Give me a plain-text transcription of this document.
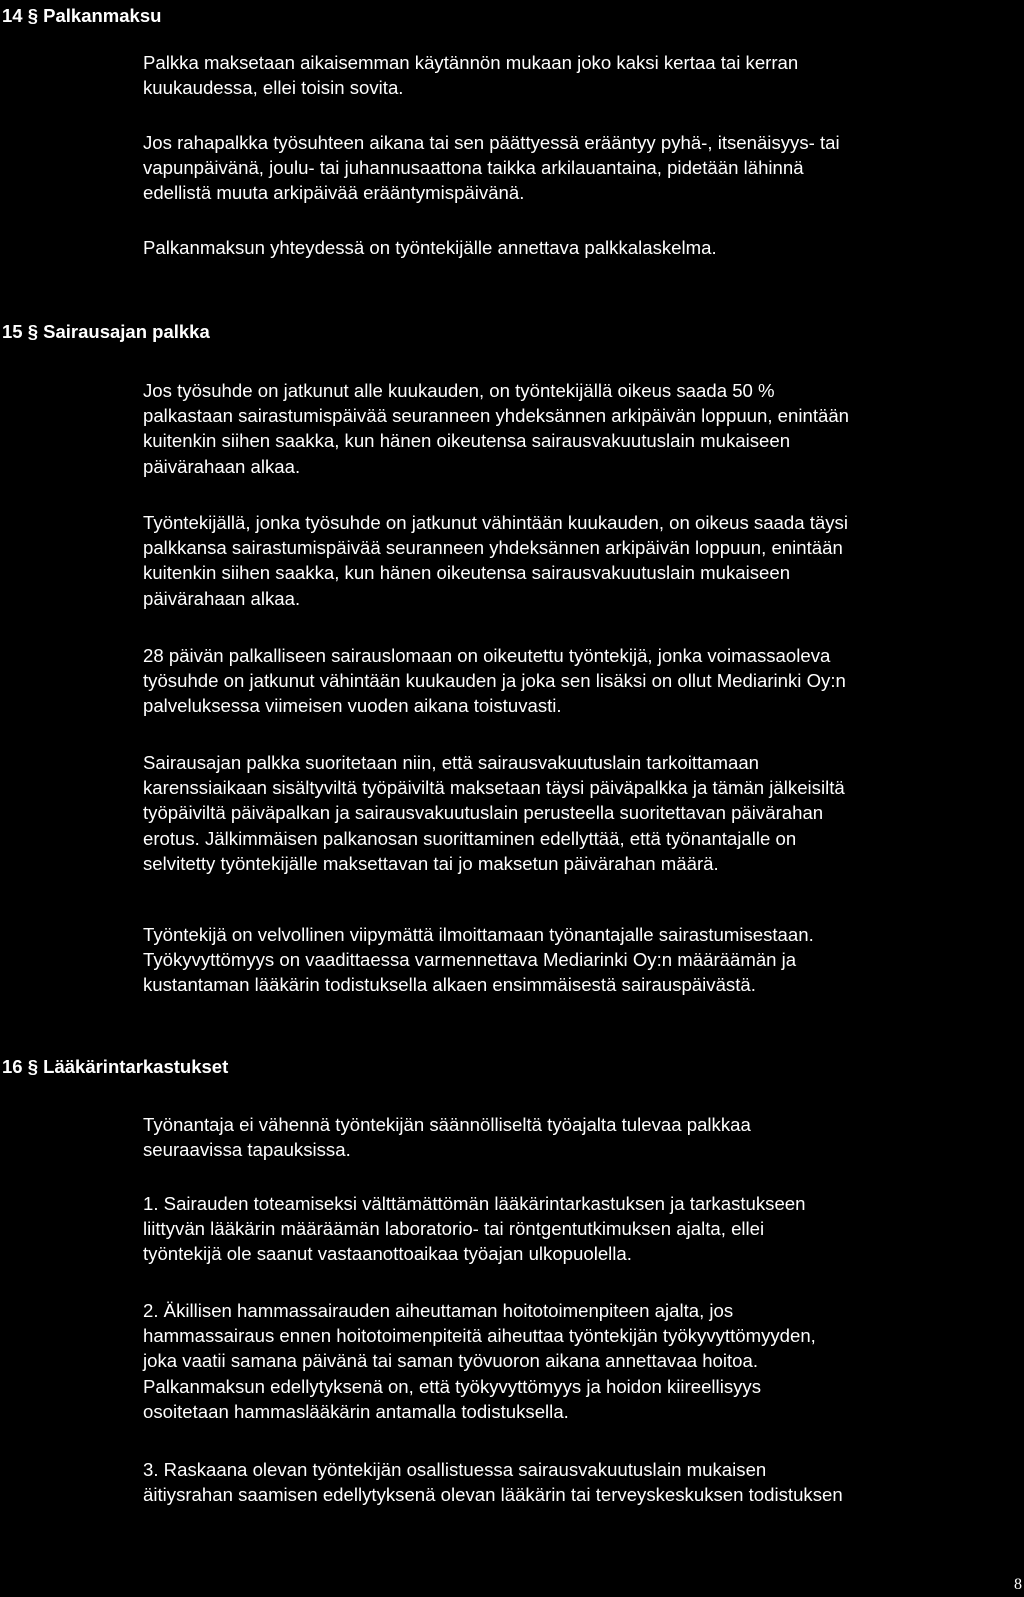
14 § Palkanmaksu

Palkka maksetaan aikaisemman käytännön mukaan joko kaksi kertaa tai kerran
kuukaudessa, ellei toisin sovita.

Jos rahapalkka työsuhteen aikana tai sen päättyessä erääntyy pyhä-, itsenäisyys- tai
vapunpäivänä, joulu- tai juhannusaattona taikka arkilauantaina, pidetään lähinnä
edellistä muuta arkipäivää erääntymispäivänä.

Palkanmaksun yhteydessä on työntekijälle annettava palkkalaskelma.

15 § Sairausajan palkka

Jos työsuhde on jatkunut alle kuukauden, on työntekijällä oikeus saada 50 %
palkastaan sairastumispäivää seuranneen yhdeksännen arkipäivän loppuun, enintään
kuitenkin siihen saakka, kun hänen oikeutensa sairausvakuutuslain mukaiseen
päivärahaan alkaa.

Työntekijällä, jonka työsuhde on jatkunut vähintään kuukauden, on oikeus saada täysi
palkkansa sairastumispäivää seuranneen yhdeksännen arkipäivän loppuun, enintään
kuitenkin siihen saakka, kun hänen oikeutensa sairausvakuutuslain mukaiseen
päivärahaan alkaa.

28 päivän palkalliseen sairauslomaan on oikeutettu työntekijä, jonka voimassaoleva
työsuhde on jatkunut vähintään kuukauden ja joka sen lisäksi on ollut Mediarinki Oy:n
palveluksessa viimeisen vuoden aikana toistuvasti.

Sairausajan palkka suoritetaan niin, että sairausvakuutuslain tarkoittamaan
karenssiaikaan sisältyviltä työpäiviltä maksetaan täysi päiväpalkka ja tämän jälkeisiltä
työpäiviltä päiväpalkan ja sairausvakuutuslain perusteella suoritettavan päivärahan
erotus. Jälkimmäisen palkanosan suorittaminen edellyttää, että työnantajalle on
selvitetty työntekijälle maksettavan tai jo maksetun päivärahan määrä.

Työntekijä on velvollinen viipymättä ilmoittamaan työnantajalle sairastumisestaan.
Työkyvyttömyys on vaadittaessa varmennettava Mediarinki Oy:n määräämän ja
kustantaman lääkärin todistuksella alkaen ensimmäisestä sairauspäivästä.

16 § Lääkärintarkastukset

Työnantaja ei vähennä työntekijän säännölliseltä työajalta tulevaa palkkaa
seuraavissa tapauksissa.

1. Sairauden toteamiseksi välttämättömän lääkärintarkastuksen ja tarkastukseen
liittyvän lääkärin määräämän laboratorio- tai röntgentutkimuksen ajalta, ellei
työntekijä ole saanut vastaanottoaikaa työajan ulkopuolella.

2. Äkillisen hammassairauden aiheuttaman hoitotoimenpiteen ajalta, jos
hammassairaus ennen hoitotoimenpiteitä aiheuttaa työntekijän työkyvyttömyyden,
joka vaatii samana päivänä tai saman työvuoron aikana annettavaa hoitoa.
Palkanmaksun edellytyksenä on, että työkyvyttömyys ja hoidon kiireellisyys
osoitetaan hammaslääkärin antamalla todistuksella.

3. Raskaana olevan työntekijän osallistuessa sairausvakuutuslain mukaisen
äitiysrahan saamisen edellytyksenä olevan lääkärin tai terveyskeskuksen todistuksen

8
